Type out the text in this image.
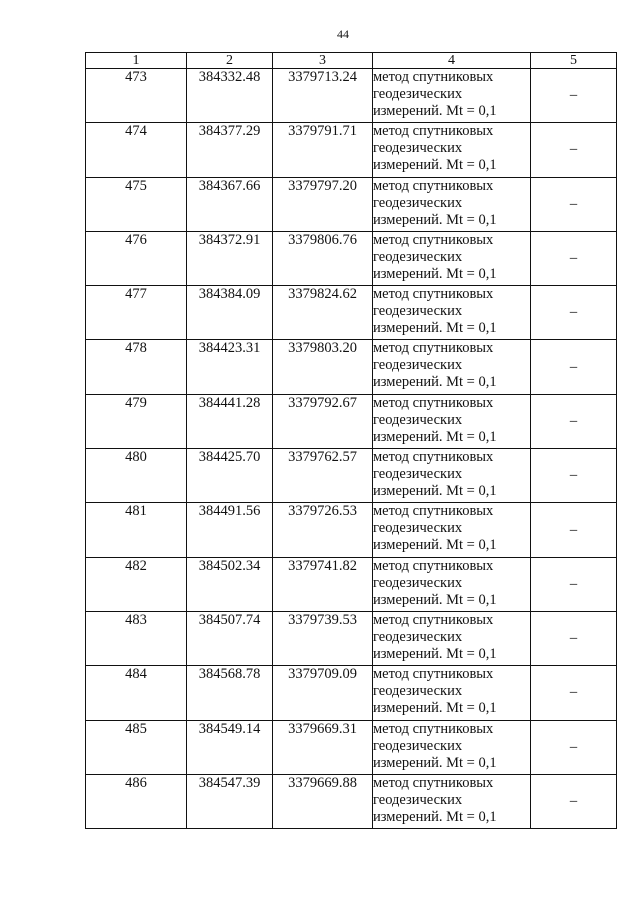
44
1	2	3	4	5
473	384332.48	3379713.24	метод спутниковых
геодезических
измерений. Mt = 0,1	–
474	384377.29	3379791.71	метод спутниковых
геодезических
измерений. Mt = 0,1	–
475	384367.66	3379797.20	метод спутниковых
геодезических
измерений. Mt = 0,1	–
476	384372.91	3379806.76	метод спутниковых
геодезических
измерений. Mt = 0,1	–
477	384384.09	3379824.62	метод спутниковых
геодезических
измерений. Mt = 0,1	–
478	384423.31	3379803.20	метод спутниковых
геодезических
измерений. Mt = 0,1	–
479	384441.28	3379792.67	метод спутниковых
геодезических
измерений. Mt = 0,1	–
480	384425.70	3379762.57	метод спутниковых
геодезических
измерений. Mt = 0,1	–
481	384491.56	3379726.53	метод спутниковых
геодезических
измерений. Mt = 0,1	–
482	384502.34	3379741.82	метод спутниковых
геодезических
измерений. Mt = 0,1	–
483	384507.74	3379739.53	метод спутниковых
геодезических
измерений. Mt = 0,1	–
484	384568.78	3379709.09	метод спутниковых
геодезических
измерений. Mt = 0,1	–
485	384549.14	3379669.31	метод спутниковых
геодезических
измерений. Mt = 0,1	–
486	384547.39	3379669.88	метод спутниковых
геодезических
измерений. Mt = 0,1	–
